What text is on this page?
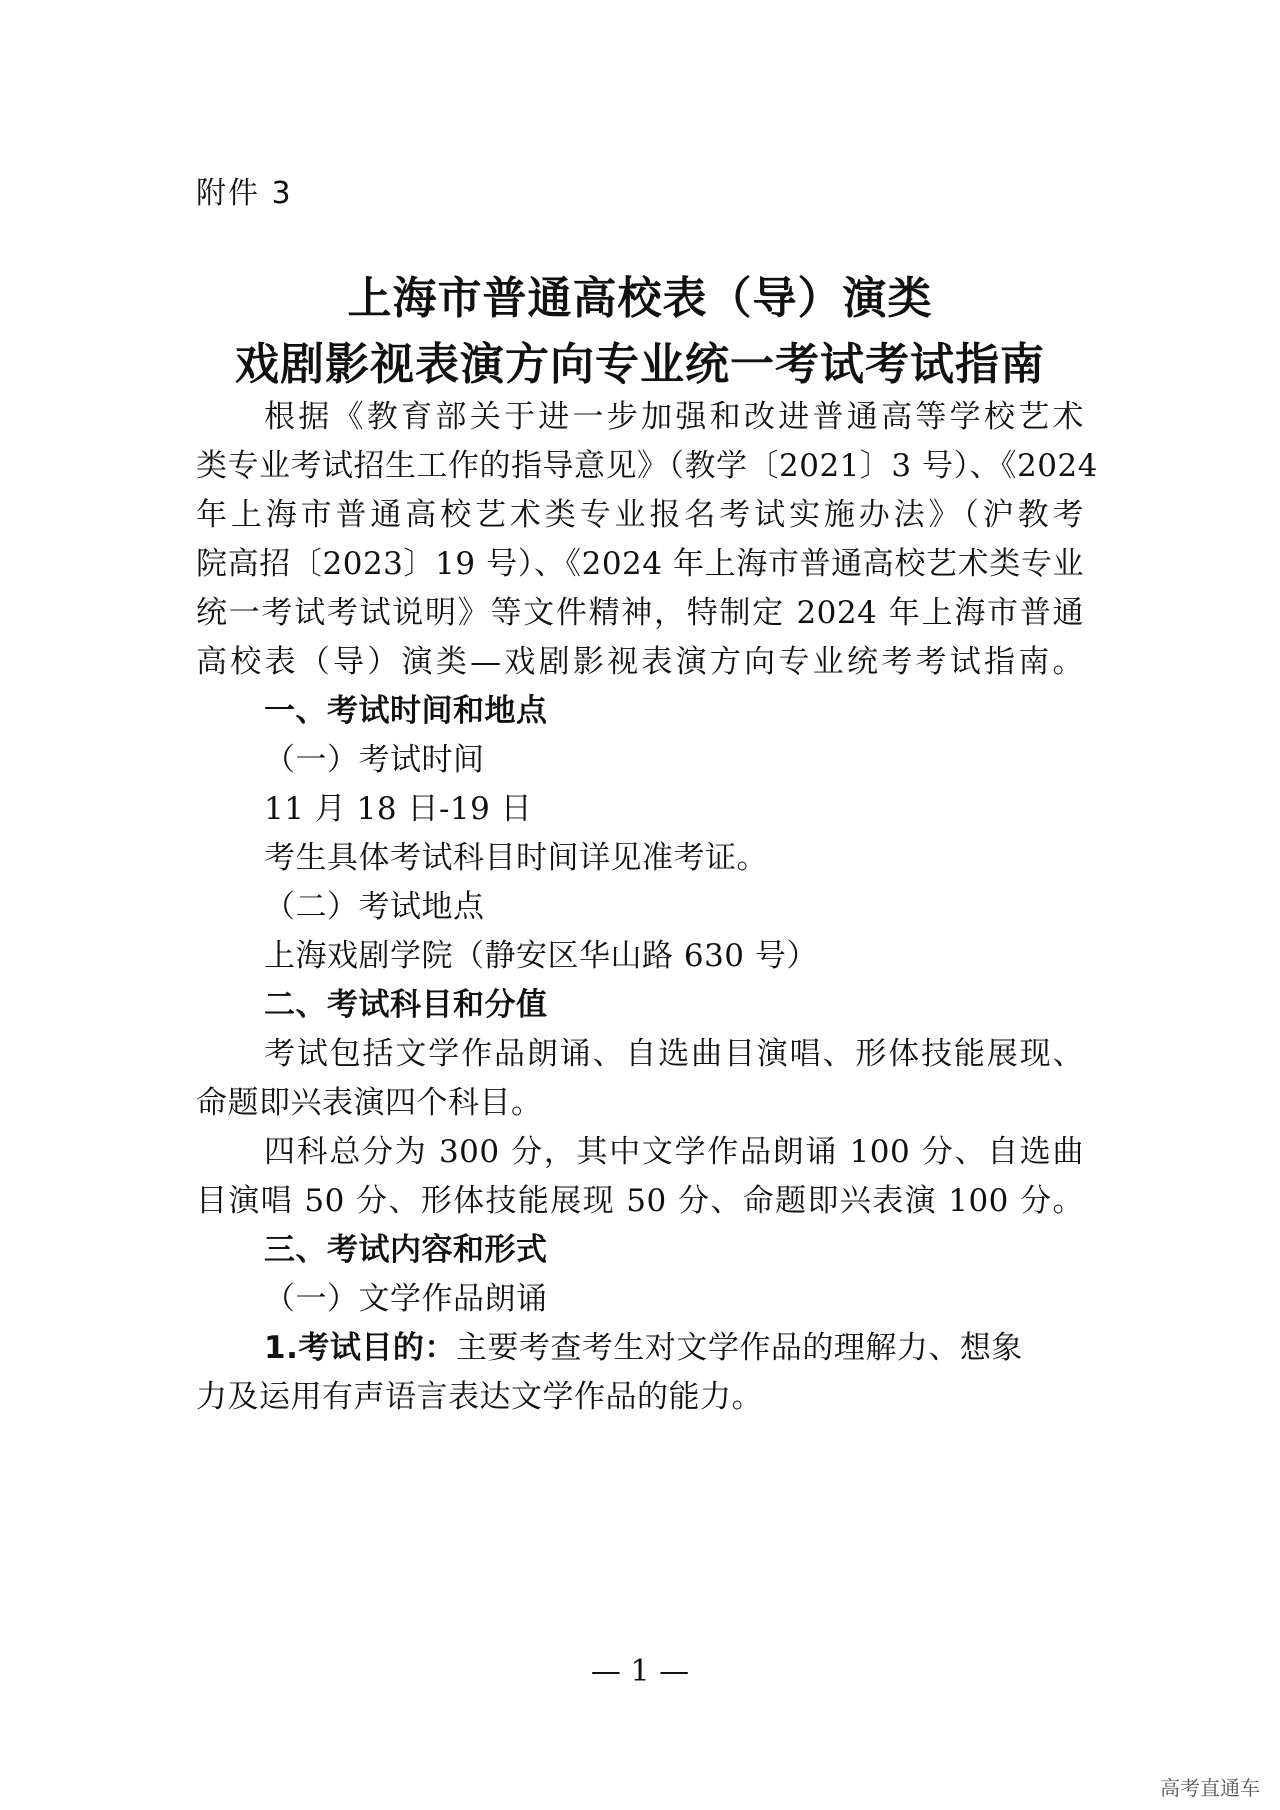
附件 3
上海市普通高校表（导）演类
戏剧影视表演方向专业统一考试考试指南
根据《教育部关于进一步加强和改进普通高等学校艺术
类专业考试招生工作的指导意见》（教学〔2021〕3 号）、《2024
年上海市普通高校艺术类专业报名考试实施办法》（沪教考
院高招〔2023〕19 号）、《2024 年上海市普通高校艺术类专业
统一考试考试说明》等文件精神，特制定 2024 年上海市普通
高校表（导）演类—戏剧影视表演方向专业统考考试指南。
一、考试时间和地点
（一）考试时间
11 月 18 日-19 日
考生具体考试科目时间详见准考证。
（二）考试地点
上海戏剧学院（静安区华山路 630 号）
二、考试科目和分值
考试包括文学作品朗诵、自选曲目演唱、形体技能展现、
命题即兴表演四个科目。
四科总分为 300 分，其中文学作品朗诵 100 分、自选曲
目演唱 50 分、形体技能展现 50 分、命题即兴表演 100 分。
三、考试内容和形式
（一）文学作品朗诵
1.考试目的：主要考查考生对文学作品的理解力、想象
力及运用有声语言表达文学作品的能力。
— 1 —
高考直通车
